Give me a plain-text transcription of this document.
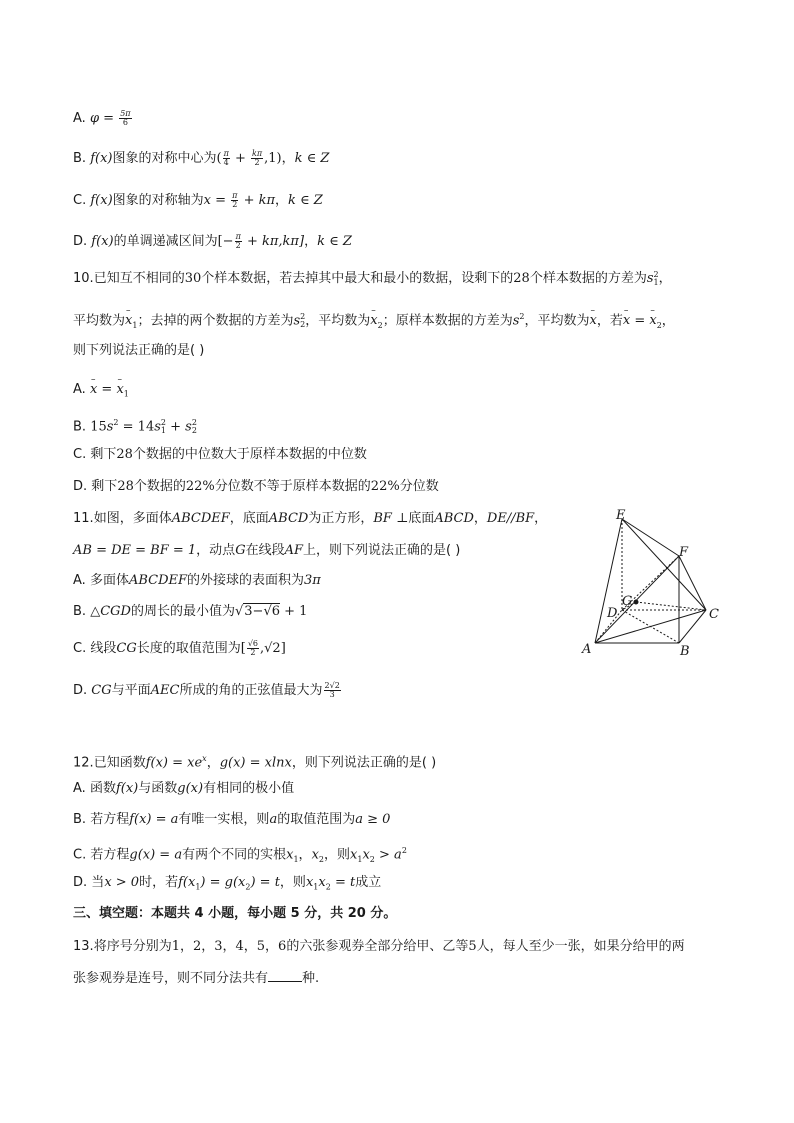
A. $\varphi = \frac{5\pi}{6}$
B. f(x)图象的对称中心为( $\frac{\pi}{4} + \frac{k\pi}{2} ,1$)，k ∈ Z
C. f(x)图象的对称轴为$x = \frac{\pi}{2} + k\pi$，k ∈ Z
D. f(x)的单调递减区间为[− $\frac{\pi}{2} + k\pi,k\pi$]，k ∈ Z
10.已知互不相同的30个样本数据，若去掉其中最大和最小的数据，设剩下的28个样本数据的方差为s 2
1 ，
平均数为– $x_1$；去掉的两个数据的方差为s 2
2 ，平均数为– $x_2$；原样本数据的方差为$s^2$，平均数为– x，若– x = – $x_2$，
则下列说法正确的是( )
A. – x = – $x_1$
B. $15s^2 = 14s$ 2
1 + s 2
2
C. 剩下28个数据的中位数大于原样本数据的中位数
D. 剩下28个数据的22%分位数不等于原样本数据的22%分位数
11.如图，多面体ABCDEF，底面ABCD为正方形，BF ⊥底面ABCD，DE//BF，
AB = DE = BF = 1，动点G在线段AF上，则下列说法正确的是( )
A. 多面体ABCDEF的外接球的表面积为3π
B. △CGD的周长的最小值为√3−√6 + 1
C. 线段CG长度的取值范围为[ $\frac{√6}{2} ,√2$]
D. CG与平面AEC所成的角的正弦值最大为 $\frac{2√2}{3}$
E
F
G
D	C
A	B
12.已知函数$f(x) = xe^x$，g(x) = xlnx，则下列说法正确的是( )
A. 函数f(x)与函数g(x)有相同的极小值
B. 若方程f(x) = a有唯一实根，则a的取值范围为a ≥ 0
C. 若方程g(x) = a有两个不同的实根$x_1$，$x_2$，则$x_1x_2 > a^2$
D. 当x > 0时，若$f(x_1) = g(x_2) = t$，则$x_1x_2 = t$成立
三、填空题：本题共 4 小题，每小题 5 分，共 20 分。
13.将序号分别为1，2，3，4，5，6的六张参观券全部分给甲、乙等5人，每人至少一张，如果分给甲的两
张参观券是连号，则不同分法共有	种.
